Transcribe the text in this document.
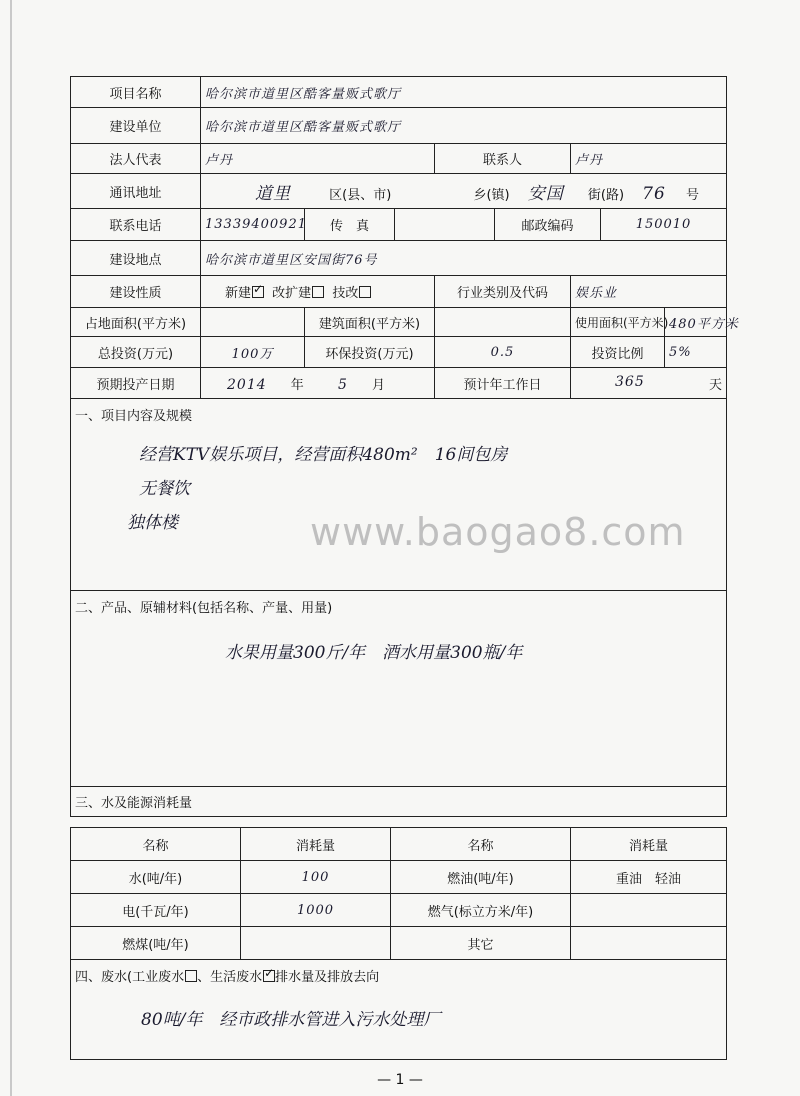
项目名称	哈尔滨市道里区酷客量贩式歌厅							
建设单位	哈尔滨市道里区酷客量贩式歌厅							
法人代表	卢丹			联系人		卢丹		
通讯地址	道里 区(县、市) 乡(镇) 安国 街(路) 76 号							
联系电话	13339400921	传　真			邮政编码		150010	
建设地点	哈尔滨市道里区安国街76号							
建设性质	新建 ✓ 改扩建 技改			行业类别及代码		娱乐业		
占地面积(平方米)		建筑面积(平方米)				使用面积(平方米)		480平方米
总投资(万元)	100万	环保投资(万元)		0.5		投资比例		5%
预期投产日期	2014 年 5 月			预计年工作日		365 天		

一、项目内容及规模
经营KTV娱乐项目，经营面积480m²　16间包房
无餐饮
独体楼								

二、产品、原辅材料(包括名称、产量、用量)
水果用量300斤/年　酒水用量300瓶/年								

三、水及能源消耗量								
名称	消耗量	名称	消耗量
水(吨/年)	100	燃油(吨/年)	重油　轻油
电(千瓦/年)	1000	燃气(标立方米/年)	
燃煤(吨/年)		其它	

四、废水(工业废水 、生活废水 ✓ 排水量及排放去向
80吨/年　经市政排水管进入污水处理厂
www.baogao8.com
— 1 —
